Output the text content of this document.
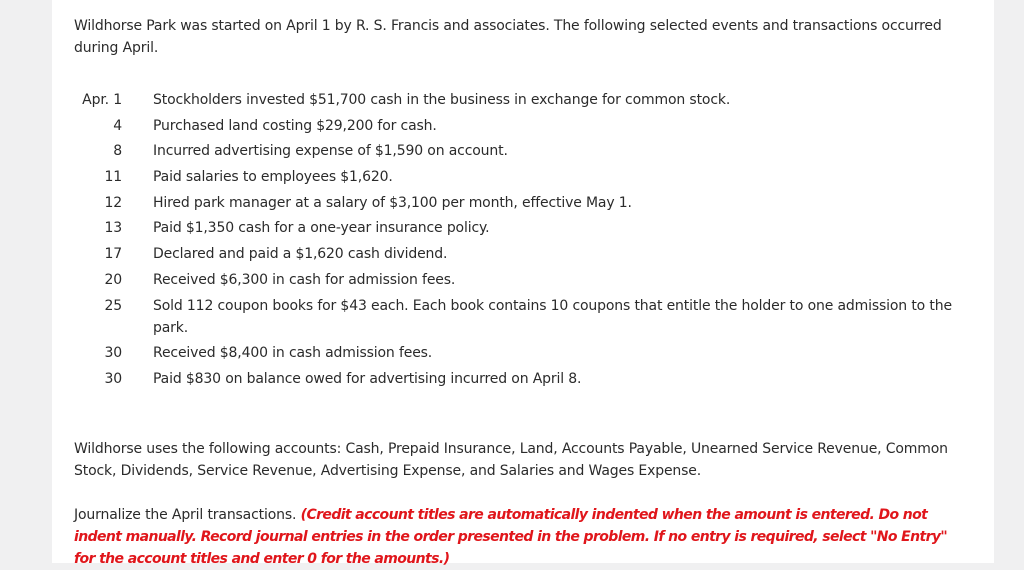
Wildhorse Park was started on April 1 by R. S. Francis and associates. The following selected events and transactions occurred during April.

Apr. 1	Stockholders invested $51,700 cash in the business in exchange for common stock.
4	Purchased land costing $29,200 for cash.
8	Incurred advertising expense of $1,590 on account.
11	Paid salaries to employees $1,620.
12	Hired park manager at a salary of $3,100 per month, effective May 1.
13	Paid $1,350 cash for a one-year insurance policy.
17	Declared and paid a $1,620 cash dividend.
20	Received $6,300 in cash for admission fees.
25	Sold 112 coupon books for $43 each. Each book contains 10 coupons that entitle the holder to one admission to the park.
30	Received $8,400 in cash admission fees.
30	Paid $830 on balance owed for advertising incurred on April 8.

Wildhorse uses the following accounts: Cash, Prepaid Insurance, Land, Accounts Payable, Unearned Service Revenue, Common Stock, Dividends, Service Revenue, Advertising Expense, and Salaries and Wages Expense.

Journalize the April transactions. (Credit account titles are automatically indented when the amount is entered. Do not indent manually. Record journal entries in the order presented in the problem. If no entry is required, select "No Entry" for the account titles and enter 0 for the amounts.)
